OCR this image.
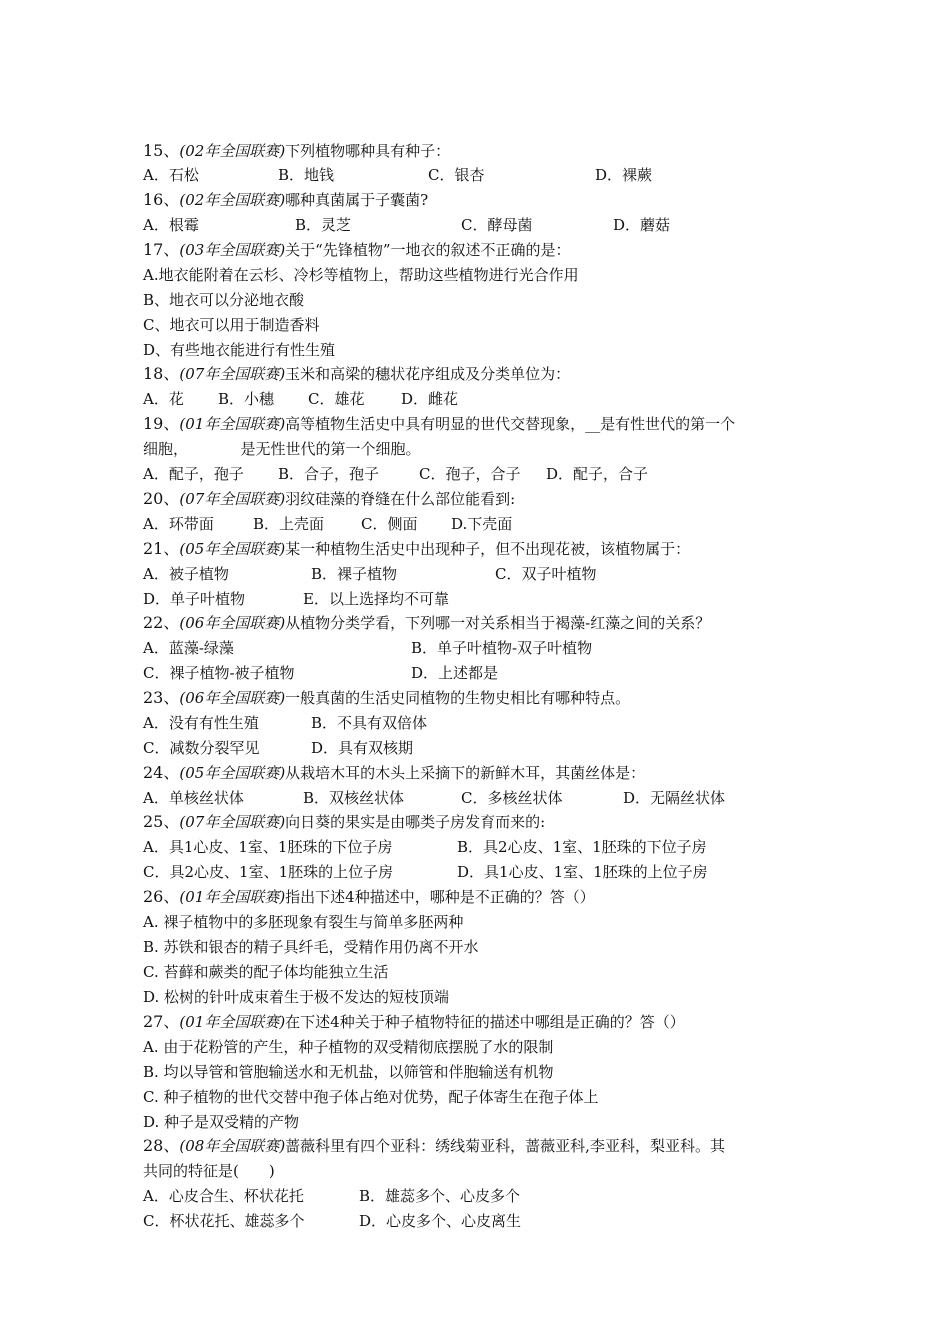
15、(02年全国联赛)下列植物哪种具有种子：
A．石松	B．地钱	C．银杏	D．裸蕨
16、(02年全国联赛)哪种真菌属于子囊菌?
A．根霉	B．灵芝	C．酵母菌	D．蘑菇
17、(03年全国联赛)关于“先锋植物”一地衣的叙述不正确的是：
A.地衣能附着在云杉、冷杉等植物上，帮助这些植物进行光合作用
B、地衣可以分泌地衣酸
C、地衣可以用于制造香料
D、有些地衣能进行有性生殖
18、(07年全国联赛)玉米和高梁的穗状花序组成及分类单位为：
A．花 B．小穗 C．雄花 D．雌花
19、(01年全国联赛)高等植物生活史中具有明显的世代交替现象，__是有性世代的第一个
细胞，　　　　是无性世代的第一个细胞。
A．配子，孢子 B．合子，孢子	C．孢子，合子 D．配子，合子
20、(07年全国联赛)羽纹硅藻的脊缝在什么部位能看到:
A．环带面	B．上壳面 C．侧面 D.下壳面
21、(05年全国联赛)某一种植物生活史中出现种子，但不出现花被，该植物属于：
A．被子植物	B．裸子植物	C．双子叶植物
D．单子叶植物	E．以上选择均不可靠
22、(06年全国联赛)从植物分类学看，下列哪一对关系相当于褐藻-红藻之间的关系？
A．蓝藻-绿藻	B．单子叶植物-双子叶植物
C．裸子植物-被子植物	D．上述都是
23、(06年全国联赛)一般真菌的生活史同植物的生物史相比有哪种特点。
A．没有有性生殖	B．不具有双倍体
C．减数分裂罕见	D．具有双核期
24、(05年全国联赛)从栽培木耳的木头上采摘下的新鲜木耳，其菌丝体是：
A．单核丝状体	B．双核丝状体	C．多核丝状体	D．无隔丝状体
25、(07年全国联赛)向日葵的果实是由哪类子房发育而来的:
A．具1心皮、1室、1胚珠的下位子房	B．具2心皮、1室、1胚珠的下位子房
C．具2心皮、1室、1胚珠的上位子房	D．具1心皮、1室、1胚珠的上位子房
26、(01年全国联赛)指出下述4种描述中，哪种是不正确的？答（）
A. 裸子植物中的多胚现象有裂生与简单多胚两种
B. 苏铁和银杏的精子具纤毛，受精作用仍离不开水
C. 苔藓和蕨类的配子体均能独立生活
D. 松树的针叶成束着生于极不发达的短枝顶端
27、(01年全国联赛)在下述4种关于种子植物特征的描述中哪组是正确的？答（）
A. 由于花粉管的产生，种子植物的双受精彻底摆脱了水的限制
B. 均以导管和管胞输送水和无机盐，以筛管和伴胞输送有机物
C. 种子植物的世代交替中孢子体占绝对优势，配子体寄生在孢子体上
D. 种子是双受精的产物
28、(08年全国联赛)蔷薇科里有四个亚科：绣线菊亚科，蔷薇亚科,李亚科，梨亚科。其
共同的特征是(　　)
A．心皮合生、杯状花托	B．雄蕊多个、心皮多个
C．杯状花托、雄蕊多个	D．心皮多个、心皮离生
